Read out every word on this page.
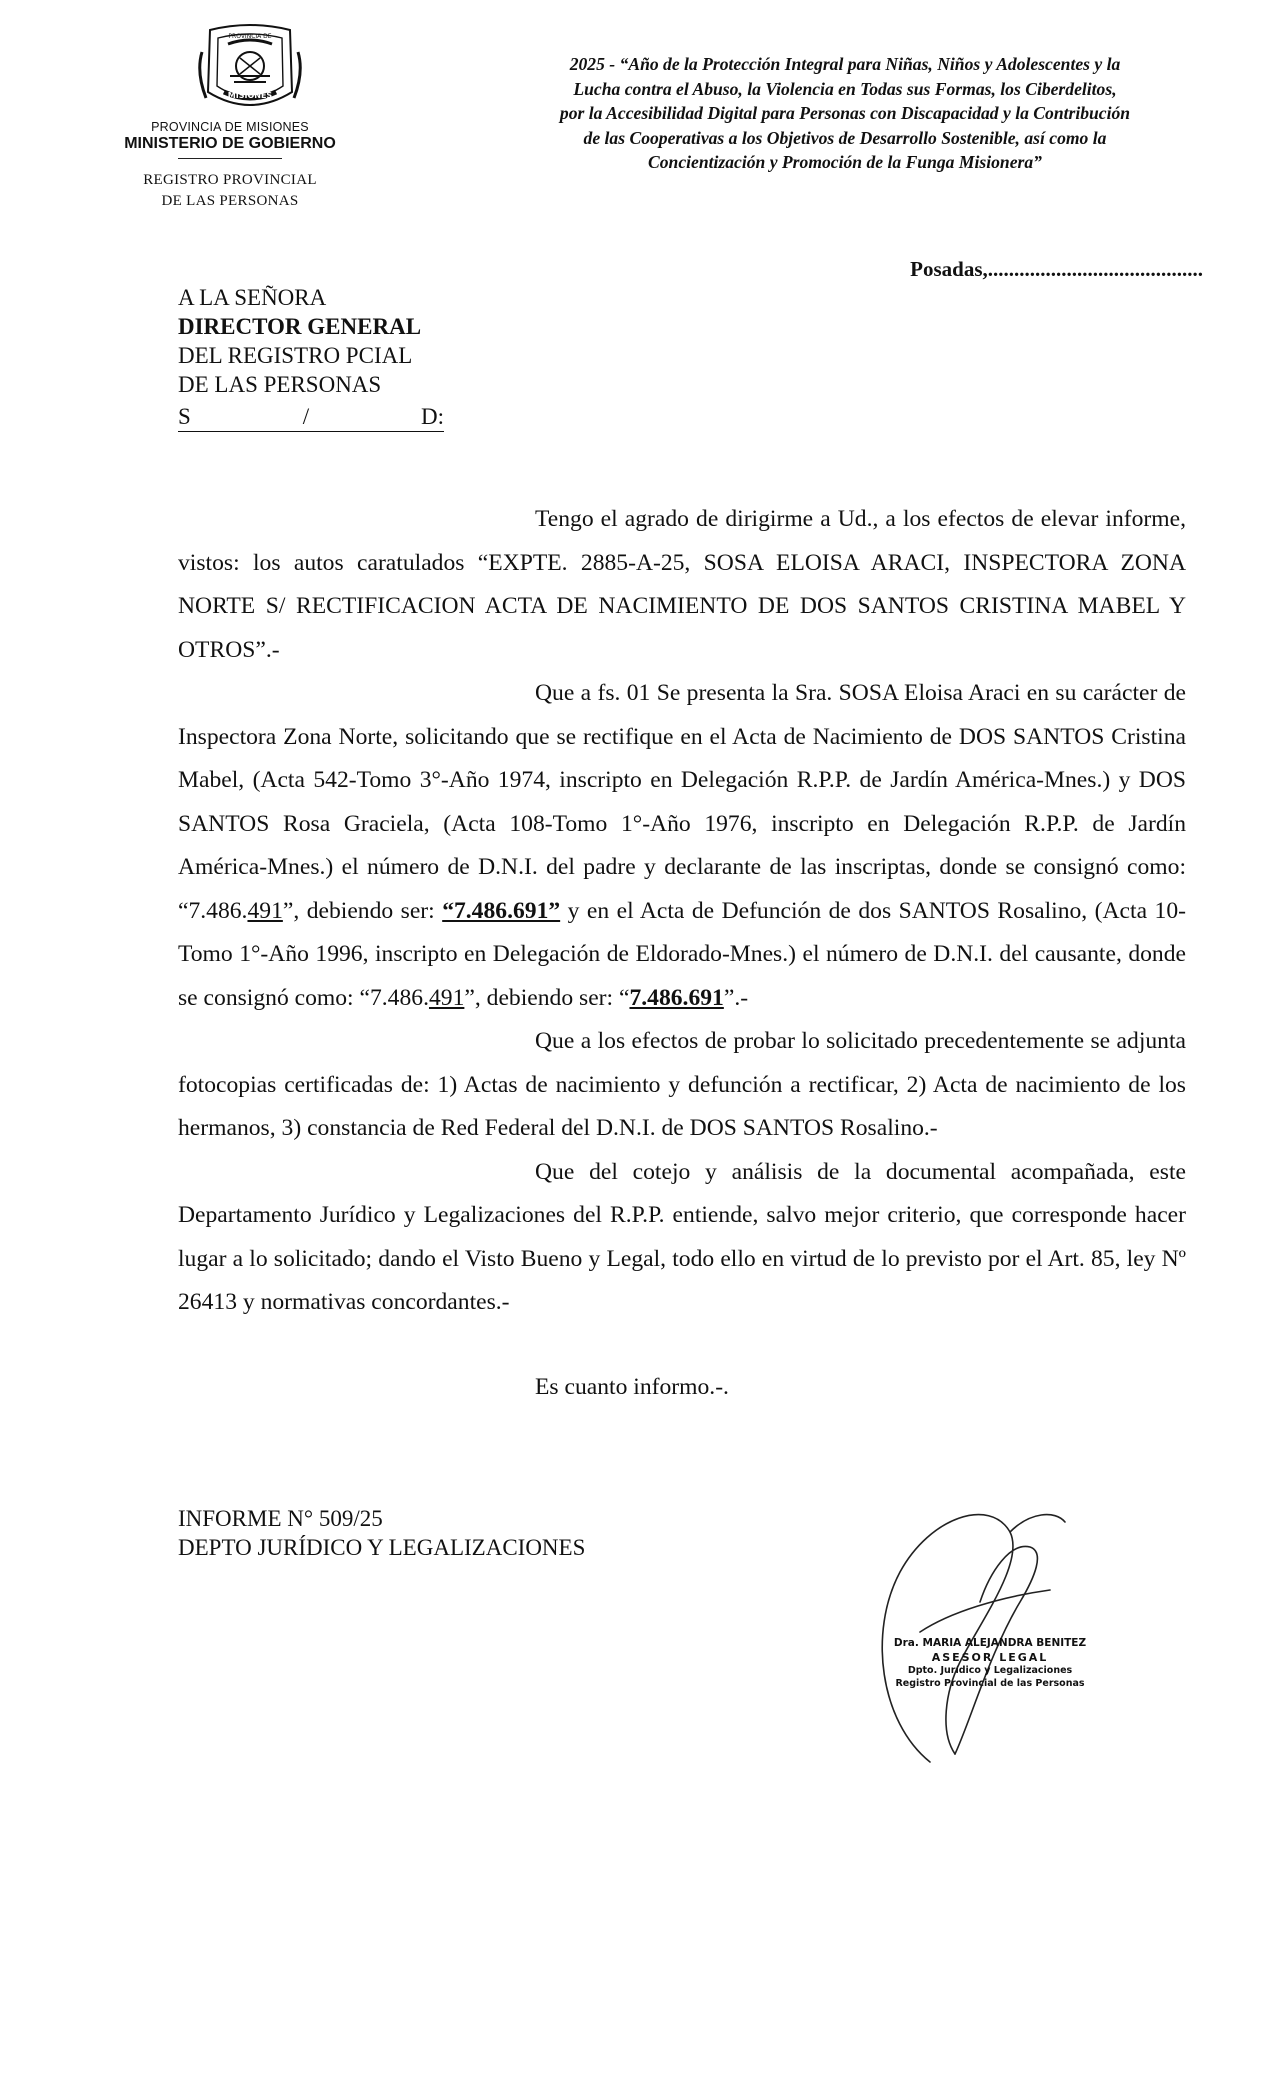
PROVINCIA DE
MISIONES
PROVINCIA DE MISIONES
MINISTERIO DE GOBIERNO
REGISTRO PROVINCIAL
DE LAS PERSONAS
2025 - “Año de la Protección Integral para Niñas, Niños y Adolescentes y la
Lucha contra el Abuso, la Violencia en Todas sus Formas, los Ciberdelitos,
por la Accesibilidad Digital para Personas con Discapacidad y la Contribución
de las Cooperativas a los Objetivos de Desarrollo Sostenible, así como la
Concientización y Promoción de la Funga Misionera”
Posadas,.........................................
A LA SEÑORA
DIRECTOR GENERAL
DEL REGISTRO PCIAL
DE LAS PERSONAS
S	/	D:

Tengo el agrado de dirigirme a Ud., a los efectos de elevar informe, vistos: los autos caratulados “EXPTE. 2885-A-25, SOSA ELOISA ARACI, INSPECTORA ZONA NORTE S/ RECTIFICACION ACTA DE NACIMIENTO DE DOS SANTOS CRISTINA MABEL Y OTROS”.-

Que a fs. 01 Se presenta la Sra. SOSA Eloisa Araci en su carácter de Inspectora Zona Norte, solicitando que se rectifique en el Acta de Nacimiento de DOS SANTOS Cristina Mabel, (Acta 542-Tomo 3°-Año 1974, inscripto en Delegación R.P.P. de Jardín América-Mnes.) y DOS SANTOS Rosa Graciela, (Acta 108-Tomo 1°-Año 1976, inscripto en Delegación R.P.P. de Jardín América-Mnes.) el número de D.N.I. del padre y declarante de las inscriptas, donde se consignó como: “7.486.491”, debiendo ser: “7.486.691” y en el Acta de Defunción de dos SANTOS Rosalino, (Acta 10-Tomo 1°-Año 1996, inscripto en Delegación de Eldorado-Mnes.) el número de D.N.I. del causante, donde se consignó como: “7.486.491”, debiendo ser: “7.486.691”.-

Que a los efectos de probar lo solicitado precedentemente se adjunta fotocopias certificadas de: 1) Actas de nacimiento y defunción a rectificar, 2) Acta de nacimiento de los hermanos, 3) constancia de Red Federal del D.N.I. de DOS SANTOS Rosalino.-

Que del cotejo y análisis de la documental acompañada, este Departamento Jurídico y Legalizaciones del R.P.P. entiende, salvo mejor criterio, que corresponde hacer lugar a lo solicitado; dando el Visto Bueno y Legal, todo ello en virtud de lo previsto por el Art. 85, ley Nº 26413 y normativas concordantes.-

Es cuanto informo.-.
INFORME N° 509/25
DEPTO JURÍDICO Y LEGALIZACIONES
Dra. MARIA ALEJANDRA BENITEZ
ASESOR LEGAL
Dpto. Jurídico y Legalizaciones
Registro Provincial de las Personas
